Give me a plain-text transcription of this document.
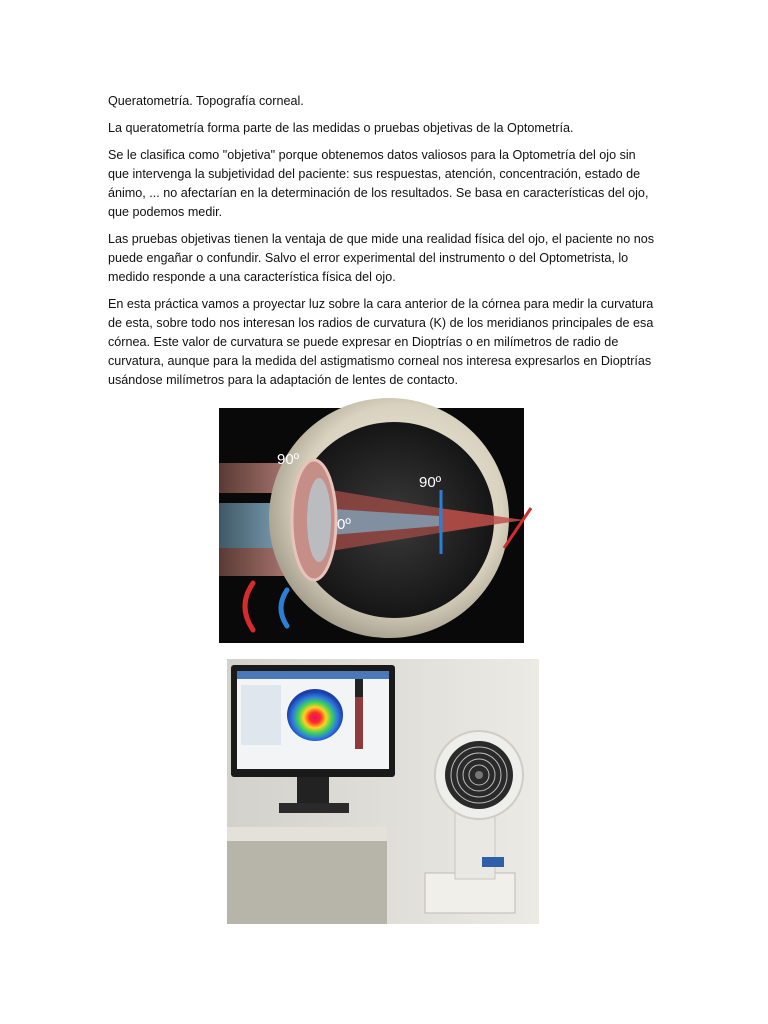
Queratometría. Topografía corneal.

La queratometría forma parte de las medidas o pruebas objetivas de la Optometría.

Se le clasifica como "objetiva" porque obtenemos datos valiosos para la Optometría del ojo sin que intervenga la subjetividad del paciente: sus respuestas, atención, concentración, estado de ánimo, ... no afectarían en la determinación de los resultados. Se basa en características del ojo, que podemos medir.

Las pruebas objetivas tienen la ventaja de que mide una realidad física del ojo, el paciente no nos puede engañar o confundir. Salvo el error experimental del instrumento o del Optometrista, lo medido responde a una característica física del ojo.

En esta práctica vamos a proyectar luz sobre la cara anterior de la córnea para medir la curvatura de esta, sobre todo nos interesan los radios de curvatura (K) de los meridianos principales de esa córnea. Este valor de curvatura se puede expresar en Dioptrías o en milímetros de radio de curvatura, aunque para la medida del astigmatismo corneal nos interesa expresarlos en Dioptrías usándose milímetros para la adaptación de lentes de contacto.

90º
0º
90º
0º
